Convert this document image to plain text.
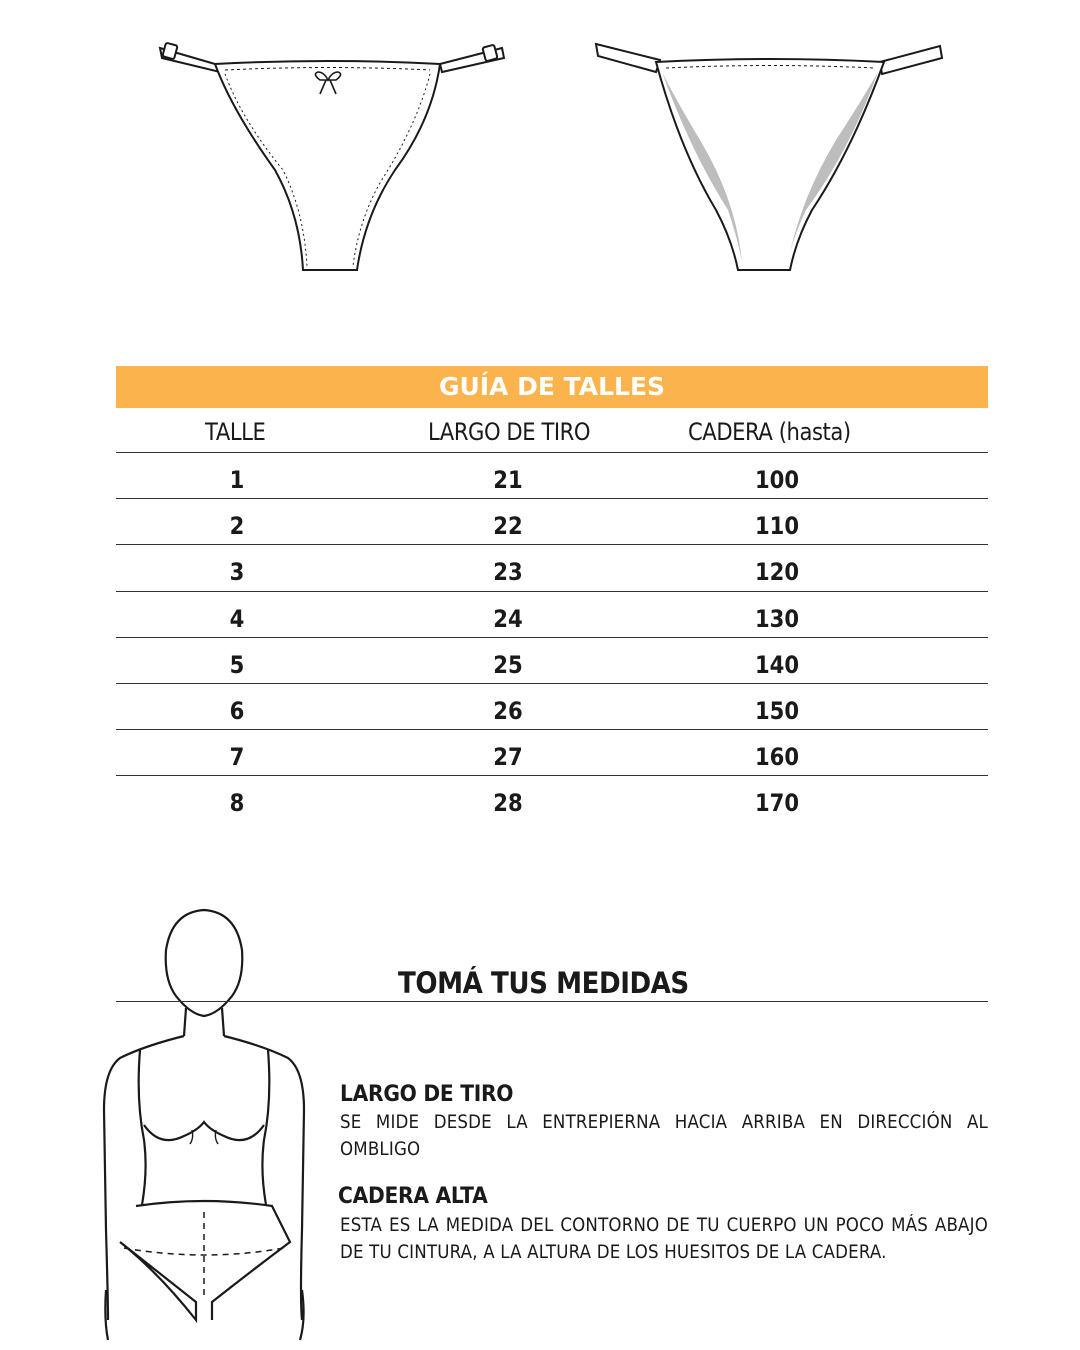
GUÍA DE TALLES
TALLE	LARGO DE TIRO	CADERA (hasta)
1	21	100
2	22	110
3	23	120
4	24	130
5	25	140
6	26	150
7	27	160
8	28	170
TOMÁ TUS MEDIDAS
LARGO DE TIRO
SE MIDE DESDE LA ENTREPIERNA HACIA ARRIBA EN DIRECCIÓN AL OMBLIGO
CADERA ALTA
ESTA ES LA MEDIDA DEL CONTORNO DE TU CUERPO UN POCO MÁS ABAJO DE TU CINTURA, A LA ALTURA DE LOS HUESITOS DE LA CADERA.
